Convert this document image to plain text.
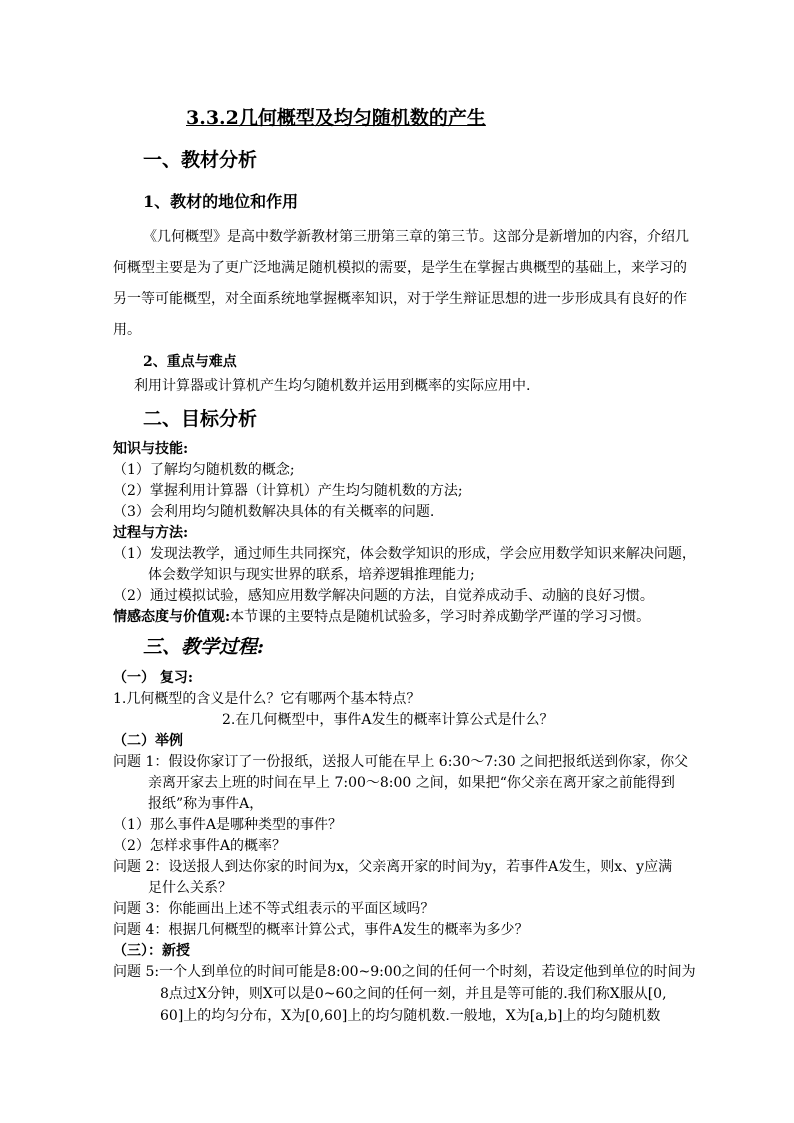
3.3.2几何概型及均匀随机数的产生

一、教材分析

1、教材的地位和作用

《几何概型》是高中数学新教材第三册第三章的第三节。这部分是新增加的内容，介绍几

何概型主要是为了更广泛地满足随机模拟的需要，是学生在掌握古典概型的基础上，来学习的

另一等可能概型，对全面系统地掌握概率知识，对于学生辩证思想的进一步形成具有良好的作

用。

2、重点与难点

利用计算器或计算机产生均匀随机数并运用到概率的实际应用中.

二、目标分析

知识与技能:

（1）了解均匀随机数的概念;

（2）掌握利用计算器（计算机）产生均匀随机数的方法;

（3）会利用均匀随机数解决具体的有关概率的问题.

过程与方法:

（1）发现法教学，通过师生共同探究，体会数学知识的形成，学会应用数学知识来解决问题，

体会数学知识与现实世界的联系，培养逻辑推理能力;

（2）通过模拟试验，感知应用数学解决问题的方法，自觉养成动手、动脑的良好习惯。

情感态度与价值观:本节课的主要特点是随机试验多，学习时养成勤学严谨的学习习惯。

三、教学过程:

（一） 复习:

1.几何概型的含义是什么？它有哪两个基本特点？

2.在几何概型中，事件A发生的概率计算公式是什么？

（二）举例

问题 1：假设你家订了一份报纸，送报人可能在早上 6:30～7:30 之间把报纸送到你家，你父

亲离开家去上班的时间在早上 7:00～8:00 之间，如果把“你父亲在离开家之前能得到

报纸”称为事件A，

（1）那么事件A是哪种类型的事件？

（2）怎样求事件A的概率？

问题 2：设送报人到达你家的时间为x，父亲离开家的时间为y，若事件A发生，则x、y应满

足什么关系？

问题 3：你能画出上述不等式组表示的平面区域吗？

问题 4：根据几何概型的概率计算公式，事件A发生的概率为多少？

（三）：新授

问题 5:一个人到单位的时间可能是8:00~9:00之间的任何一个时刻，若设定他到单位的时间为

8点过X分钟，则X可以是0~60之间的任何一刻，并且是等可能的.我们称X服从[0,

60]上的均匀分布，X为[0,60]上的均匀随机数.一般地，X为[a,b]上的均匀随机数
